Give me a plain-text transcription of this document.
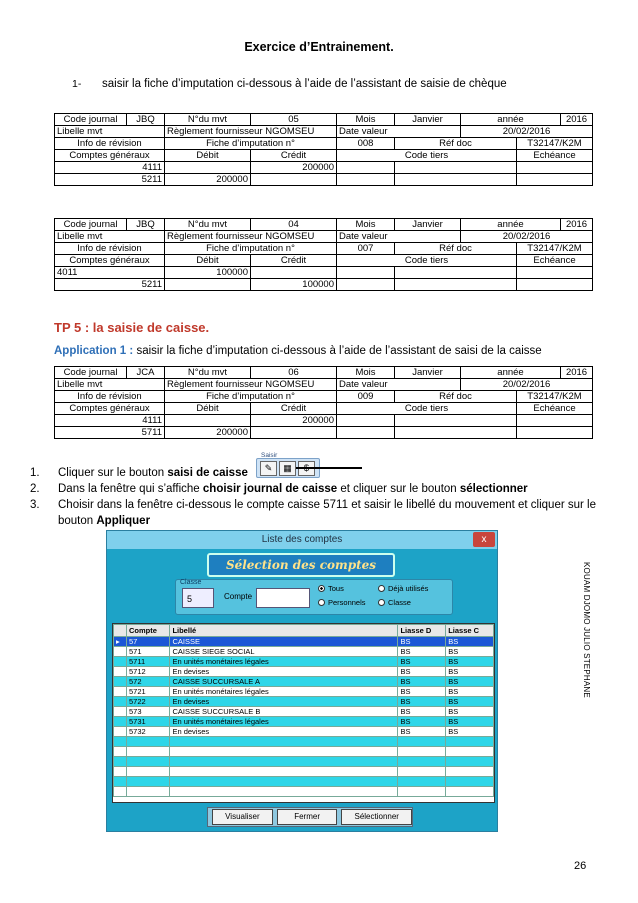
Exercice d’Entrainement.
1- saisir la fiche d’imputation ci-dessous à l’aide de l’assistant de saisie de chèque
Code journal	JBQ	N°du mvt	05	Mois	Janvier	année		2016
Libelle mvt		Règlement fournisseur NGOMSEU		Date valeur		20/02/2016		
Info de révision		Fiche d’imputation n°		008	Réf doc		T32147/K2M	
Comptes généraux		Débit	Crédit	Code tiers			Echéance	
4111			200000					
5211		200000						
Code journal	JBQ	N°du mvt	04	Mois	Janvier	année		2016
Libelle mvt		Règlement fournisseur NGOMSEU		Date valeur		20/02/2016		
Info de révision		Fiche d’imputation n°		007	Réf doc		T32147/K2M	
Comptes généraux		Débit	Crédit	Code tiers			Echéance	
4011		100000						
5211			100000					
TP 5 : la saisie de caisse.
Application 1 : saisir la fiche d’imputation ci-dessous à l’aide de l’assistant de saisi de la caisse
Code journal	JCA	N°du mvt	06	Mois	Janvier	année		2016
Libelle mvt		Règlement fournisseur NGOMSEU		Date valeur		20/02/2016		
Info de révision		Fiche d’imputation n°		009	Réf doc		T32147/K2M	
Comptes généraux		Débit	Crédit	Code tiers			Echéance	
4111			200000					
5711		200000						
Saisir
✎	▦
1.	Cliquer sur le bouton saisi de caisse
2.	Dans la fenêtre qui s’affiche choisir journal de caisse et cliquer sur le bouton sélectionner
3.	Choisir dans la fenêtre ci-dessous le compte caisse 5711 et saisir le libellé du mouvement et cliquer sur le bouton Appliquer
Liste des comptes	x
Sélection des comptes
Classe
5	Compte
Tous	Déjà utilisés
Personnels	Classe
	Compte	Libellé	Liasse D	Liasse C
▸	57	CAISSE	BS	BS
	571	CAISSE SIEGE SOCIAL	BS	BS
	5711	En unités monétaires légales	BS	BS
	5712	En devises	BS	BS
	572	CAISSE SUCCURSALE A	BS	BS
	5721	En unités monétaires légales	BS	BS
	5722	En devises	BS	BS
	573	CAISSE SUCCURSALE B	BS	BS
	5731	En unités monétaires légales	BS	BS
	5732	En devises	BS	BS

Visualiser	Fermer	Sélectionner
KOUAM DJOMO JULIO STEPHANE
26
